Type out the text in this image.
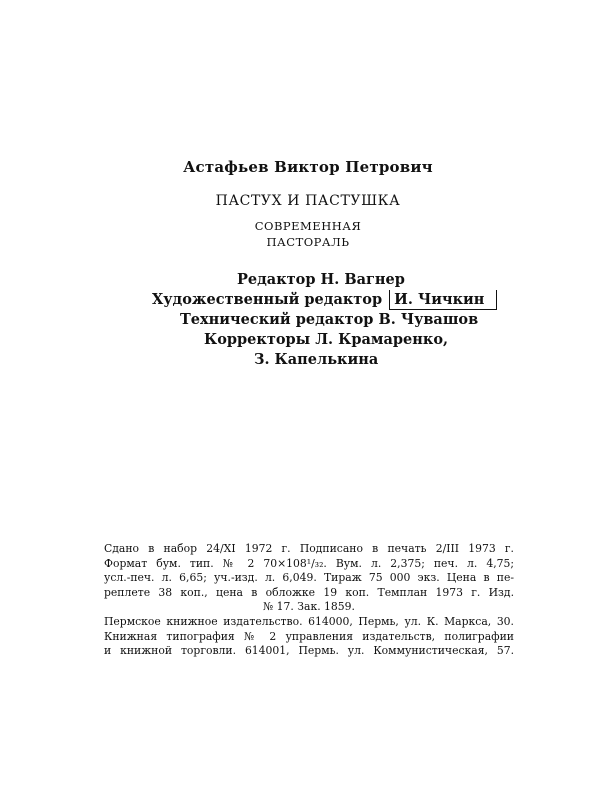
Астафьев Виктор Петрович
ПАСТУХ И ПАСТУШКА
СОВРЕМЕННАЯ
ПАСТОРАЛЬ
Редактор Н. Вагнер
Художественный редактор И. Чичкин
Технический редактор В. Чувашов
Корректоры Л. Крамаренко,
З. Капелькина
Сдано в набор 24/XI 1972 г. Подписано в печать 2/III 1973 г.
Формат бум. тип. № 2 70×108¹/₃₂. Вум. л. 2,375; печ. л. 4,75;
усл.-печ. л. 6,65; уч.-изд. л. 6,049. Тираж 75 000 экз. Цена в пе-
реплете 38 коп., цена в обложке 19 коп. Темплан 1973 г. Изд.
№ 17. Зак. 1859.
Пермское книжное издательство. 614000, Пермь, ул. К. Маркса, 30.
Книжная типография № 2 управления издательств, полиграфии
и книжной торговли. 614001, Пермь. ул. Коммунистическая, 57.
